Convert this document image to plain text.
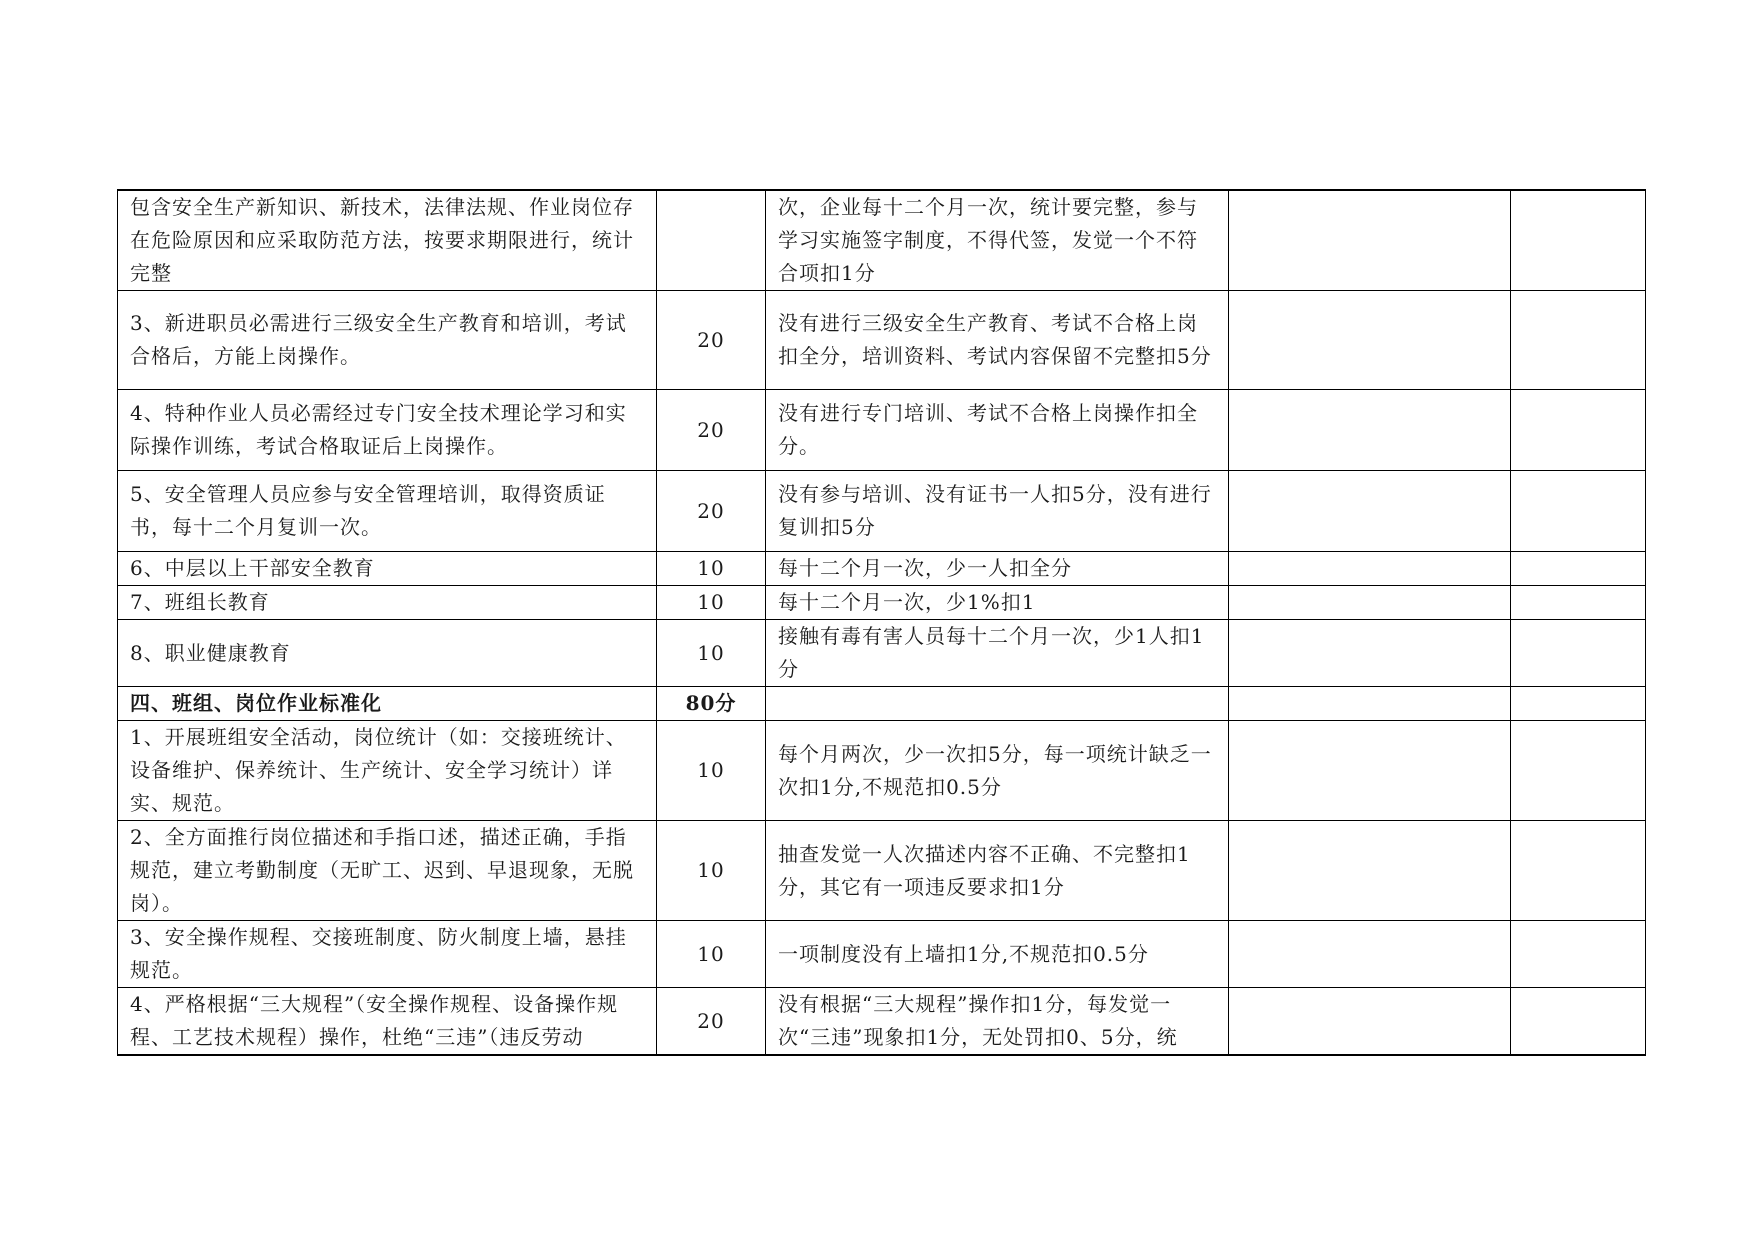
包含安全生产新知识、新技术，法律法规、作业岗位存在危险原因和应采取防范方法，按要求期限进行，统计完整		次，企业每十二个月一次，统计要完整，参与学习实施签字制度，不得代签，发觉一个不符合项扣1分		
3、新进职员必需进行三级安全生产教育和培训，考试合格后，方能上岗操作。	20	没有进行三级安全生产教育、考试不合格上岗扣全分，培训资料、考试内容保留不完整扣5分		
4、特种作业人员必需经过专门安全技术理论学习和实际操作训练，考试合格取证后上岗操作。	20	没有进行专门培训、考试不合格上岗操作扣全分。		
5、安全管理人员应参与安全管理培训，取得资质证书，每十二个月复训一次。	20	没有参与培训、没有证书一人扣5分，没有进行复训扣5分		
6、中层以上干部安全教育	10	每十二个月一次，少一人扣全分		
7、班组长教育	10	每十二个月一次，少1%扣1		
8、职业健康教育	10	接触有毒有害人员每十二个月一次，少1人扣1分		
四、班组、岗位作业标准化	80分			
1、开展班组安全活动，岗位统计（如：交接班统计、设备维护、保养统计、生产统计、安全学习统计）详实、规范。	10	每个月两次，少一次扣5分，每一项统计缺乏一次扣1分,不规范扣0.5分		
2、全方面推行岗位描述和手指口述，描述正确，手指规范，建立考勤制度（无旷工、迟到、早退现象，无脱岗）。	10	抽查发觉一人次描述内容不正确、不完整扣1分，其它有一项违反要求扣1分		
3、安全操作规程、交接班制度、防火制度上墙，悬挂规范。	10	一项制度没有上墙扣1分,不规范扣0.5分		
4、严格根据“三大规程”（安全操作规程、设备操作规程、工艺技术规程）操作，杜绝“三违”（违反劳动	20	没有根据“三大规程”操作扣1分，每发觉一次“三违”现象扣1分，无处罚扣0、5分，统		
